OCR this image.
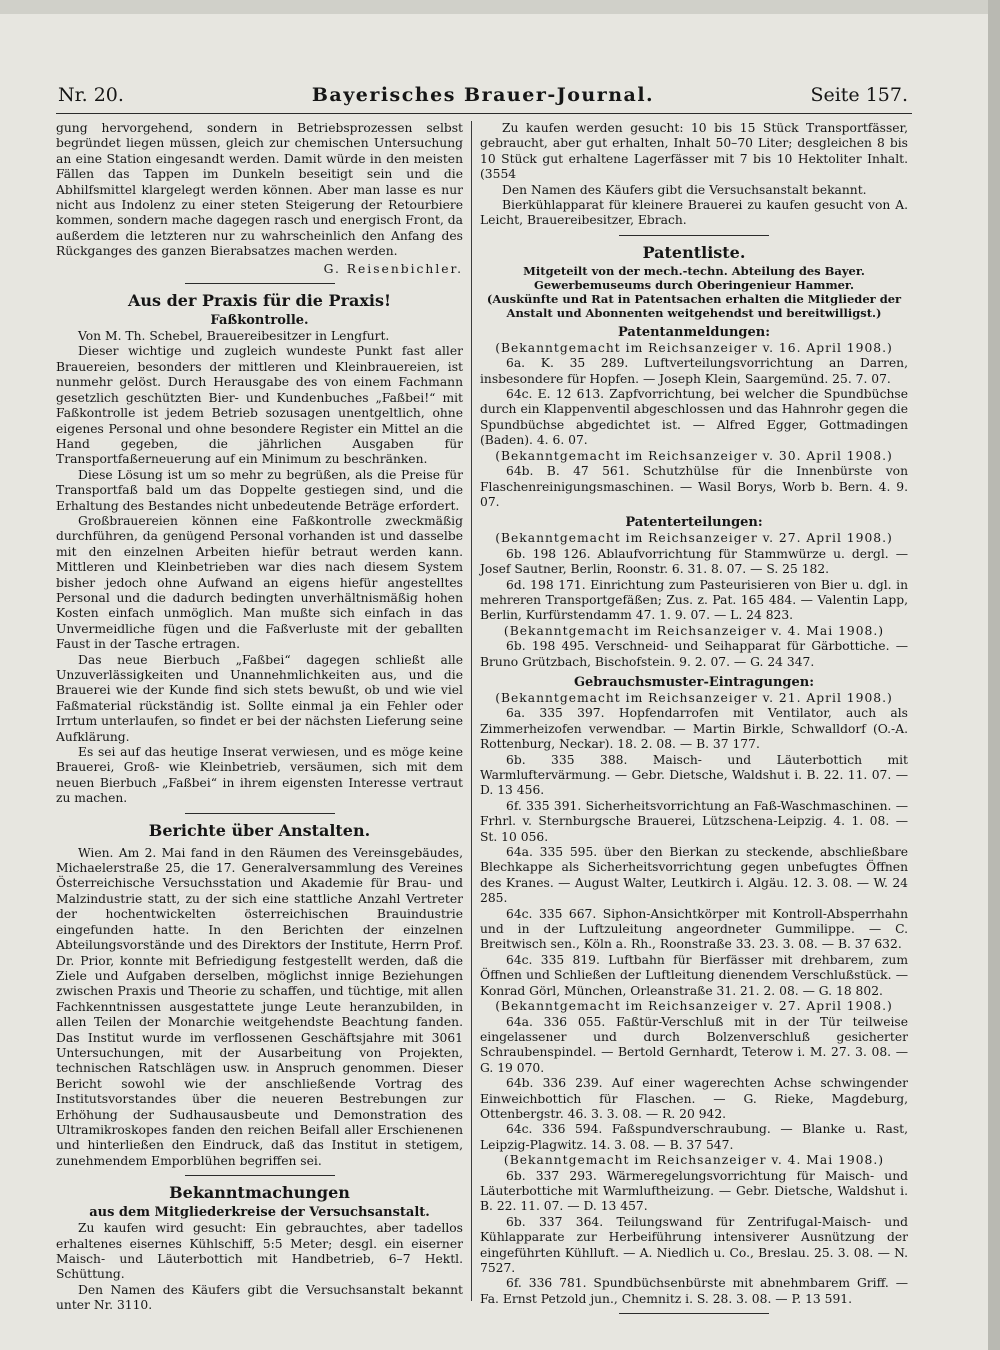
Nr. 20.	Bayerisches Brauer-Journal.	Seite 157.

gung hervorgehend, sondern in Betriebsprozessen selbst begründet liegen müssen, gleich zur chemischen Untersuchung an eine Station eingesandt werden. Damit würde in den meisten Fällen das Tappen im Dunkeln beseitigt sein und die Abhilfsmittel klargelegt werden können. Aber man lasse es nur nicht aus Indolenz zu einer steten Steigerung der Retourbiere kommen, sondern mache dagegen rasch und energisch Front, da außerdem die letzteren nur zu wahrscheinlich den Anfang des Rückganges des ganzen Bierabsatzes machen werden.

G. Reisenbichler.

Aus der Praxis für die Praxis!
Faßkontrolle.

Von M. Th. Schebel, Brauereibesitzer in Lengfurt.

Dieser wichtige und zugleich wundeste Punkt fast aller Brauereien, besonders der mittleren und Kleinbrauereien, ist nunmehr gelöst. Durch Herausgabe des von einem Fachmann gesetzlich geschützten Bier- und Kundenbuches „Faßbei!“ mit Faßkontrolle ist jedem Betrieb sozusagen unentgeltlich, ohne eigenes Personal und ohne besondere Register ein Mittel an die Hand gegeben, die jährlichen Ausgaben für Transportfaßerneuerung auf ein Minimum zu beschränken.

Diese Lösung ist um so mehr zu begrüßen, als die Preise für Transportfaß bald um das Doppelte gestiegen sind, und die Erhaltung des Bestandes nicht unbedeutende Beträge erfordert.

Großbrauereien können eine Faßkontrolle zweckmäßig durchführen, da genügend Personal vorhanden ist und dasselbe mit den einzelnen Arbeiten hiefür betraut werden kann. Mittleren und Kleinbetrieben war dies nach diesem System bisher jedoch ohne Aufwand an eigens hiefür angestelltes Personal und die dadurch bedingten unverhältnismäßig hohen Kosten einfach unmöglich. Man mußte sich einfach in das Unvermeidliche fügen und die Faßverluste mit der geballten Faust in der Tasche ertragen.

Das neue Bierbuch „Faßbei“ dagegen schließt alle Unzuverlässigkeiten und Unannehmlichkeiten aus, und die Brauerei wie der Kunde find sich stets bewußt, ob und wie viel Faßmaterial rückständig ist. Sollte einmal ja ein Fehler oder Irrtum unterlaufen, so findet er bei der nächsten Lieferung seine Aufklärung.

Es sei auf das heutige Inserat verwiesen, und es möge keine Brauerei, Groß- wie Kleinbetrieb, versäumen, sich mit dem neuen Bierbuch „Faßbei“ in ihrem eigensten Interesse vertraut zu machen.

Berichte über Anstalten.

Wien. Am 2. Mai fand in den Räumen des Vereinsgebäudes, Michaelerstraße 25, die 17. Generalversammlung des Vereines Österreichische Versuchsstation und Akademie für Brau- und Malzindustrie statt, zu der sich eine stattliche Anzahl Vertreter der hochentwickelten österreichischen Brauindustrie eingefunden hatte. In den Berichten der einzelnen Abteilungsvorstände und des Direktors der Institute, Herrn Prof. Dr. Prior, konnte mit Befriedigung festgestellt werden, daß die Ziele und Aufgaben derselben, möglichst innige Beziehungen zwischen Praxis und Theorie zu schaffen, und tüchtige, mit allen Fachkenntnissen ausgestattete junge Leute heranzubilden, in allen Teilen der Monarchie weitgehendste Beachtung fanden. Das Institut wurde im verflossenen Geschäftsjahre mit 3061 Untersuchungen, mit der Ausarbeitung von Projekten, technischen Ratschlägen usw. in Anspruch genommen. Dieser Bericht sowohl wie der anschließende Vortrag des Institutsvorstandes über die neueren Bestrebungen zur Erhöhung der Sudhausausbeute und Demonstration des Ultramikroskopes fanden den reichen Beifall aller Erschienenen und hinterließen den Eindruck, daß das Institut in stetigem, zunehmendem Emporblühen begriffen sei.

Bekanntmachungen
aus dem Mitgliederkreise der Versuchsanstalt.

Zu kaufen wird gesucht: Ein gebrauchtes, aber tadellos erhaltenes eisernes Kühlschiff, 5:5 Meter; desgl. ein eiserner Maisch- und Läuterbottich mit Handbetrieb, 6–7 Hektl. Schüttung.

Den Namen des Käufers gibt die Versuchsanstalt bekannt unter Nr. 3110.

Zu kaufen werden gesucht: 10 bis 15 Stück Transportfässer, gebraucht, aber gut erhalten, Inhalt 50–70 Liter; desgleichen 8 bis 10 Stück gut erhaltene Lagerfässer mit 7 bis 10 Hektoliter Inhalt. (3554

Den Namen des Käufers gibt die Versuchsanstalt bekannt.

Bierkühlapparat für kleinere Brauerei zu kaufen gesucht von A. Leicht, Brauereibesitzer, Ebrach.

Patentliste.
Mitgeteilt von der mech.-techn. Abteilung des Bayer. Gewerbemuseums durch Oberingenieur Hammer.
(Auskünfte und Rat in Patentsachen erhalten die Mitglieder der Anstalt und Abonnenten weitgehendst und bereitwilligst.)
Patentanmeldungen:

(Bekanntgemacht im Reichsanzeiger v. 16. April 1908.)

6a. K. 35 289. Luftverteilungsvorrichtung an Darren, insbesondere für Hopfen. — Joseph Klein, Saargemünd. 25. 7. 07.

64c. E. 12 613. Zapfvorrichtung, bei welcher die Spundbüchse durch ein Klappenventil abgeschlossen und das Hahnrohr gegen die Spundbüchse abgedichtet ist. — Alfred Egger, Gottmadingen (Baden). 4. 6. 07.

(Bekanntgemacht im Reichsanzeiger v. 30. April 1908.)

64b. B. 47 561. Schutzhülse für die Innenbürste von Flaschenreinigungsmaschinen. — Wasil Borys, Worb b. Bern. 4. 9. 07.

Patenterteilungen:

(Bekanntgemacht im Reichsanzeiger v. 27. April 1908.)

6b. 198 126. Ablaufvorrichtung für Stammwürze u. dergl. — Josef Sautner, Berlin, Roonstr. 6. 31. 8. 07. — S. 25 182.

6d. 198 171. Einrichtung zum Pasteurisieren von Bier u. dgl. in mehreren Transportgefäßen; Zus. z. Pat. 165 484. — Valentin Lapp, Berlin, Kurfürstendamm 47. 1. 9. 07. — L. 24 823.

(Bekanntgemacht im Reichsanzeiger v. 4. Mai 1908.)

6b. 198 495. Verschneid- und Seihapparat für Gärbottiche. — Bruno Grützbach, Bischofstein. 9. 2. 07. — G. 24 347.

Gebrauchsmuster-Eintragungen:

(Bekanntgemacht im Reichsanzeiger v. 21. April 1908.)

6a. 335 397. Hopfendarrofen mit Ventilator, auch als Zimmerheizofen verwendbar. — Martin Birkle, Schwalldorf (O.-A. Rottenburg, Neckar). 18. 2. 08. — B. 37 177.

6b. 335 388. Maisch- und Läuterbottich mit Warmluftervärmung. — Gebr. Dietsche, Waldshut i. B. 22. 11. 07. — D. 13 456.

6f. 335 391. Sicherheitsvorrichtung an Faß-Waschmaschinen. — Frhrl. v. Sternburgsche Brauerei, Lützschena-Leipzig. 4. 1. 08. — St. 10 056.

64a. 335 595. über den Bierkan zu steckende, abschließbare Blechkappe als Sicherheitsvorrichtung gegen unbefugtes Öffnen des Kranes. — August Walter, Leutkirch i. Algäu. 12. 3. 08. — W. 24 285.

64c. 335 667. Siphon-Ansichtkörper mit Kontroll-Absperrhahn und in der Luftzuleitung angeordneter Gummilippe. — C. Breitwisch sen., Köln a. Rh., Roonstraße 33. 23. 3. 08. — B. 37 632.

64c. 335 819. Luftbahn für Bierfässer mit drehbarem, zum Öffnen und Schließen der Luftleitung dienendem Verschlußstück. — Konrad Görl, München, Orleanstraße 31. 21. 2. 08. — G. 18 802.

(Bekanntgemacht im Reichsanzeiger v. 27. April 1908.)

64a. 336 055. Faßtür-Verschluß mit in der Tür teilweise eingelassener und durch Bolzenverschluß gesicherter Schraubenspindel. — Bertold Gernhardt, Teterow i. M. 27. 3. 08. — G. 19 070.

64b. 336 239. Auf einer wagerechten Achse schwingender Einweichbottich für Flaschen. — G. Rieke, Magdeburg, Ottenbergstr. 46. 3. 3. 08. — R. 20 942.

64c. 336 594. Faßspundverschraubung. — Blanke u. Rast, Leipzig-Plagwitz. 14. 3. 08. — B. 37 547.

(Bekanntgemacht im Reichsanzeiger v. 4. Mai 1908.)

6b. 337 293. Wärmeregelungsvorrichtung für Maisch- und Läuterbottiche mit Warmluftheizung. — Gebr. Dietsche, Waldshut i. B. 22. 11. 07. — D. 13 457.

6b. 337 364. Teilungswand für Zentrifugal-Maisch- und Kühlapparate zur Herbeiführung intensiverer Ausnützung der eingeführten Kühlluft. — A. Niedlich u. Co., Breslau. 25. 3. 08. — N. 7527.

6f. 336 781. Spundbüchsenbürste mit abnehmbarem Griff. — Fa. Ernst Petzold jun., Chemnitz i. S. 28. 3. 08. — P. 13 591.
